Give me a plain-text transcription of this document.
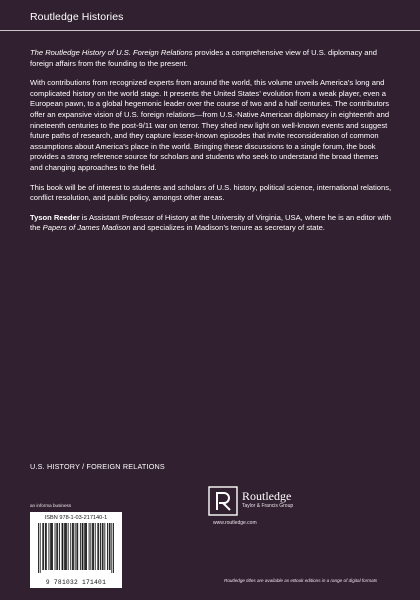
Routledge Histories

The Routledge History of U.S. Foreign Relations provides a comprehensive view of U.S. diplomacy and foreign affairs from the founding to the present.

With contributions from recognized experts from around the world, this volume unveils America’s long and complicated history on the world stage. It presents the United States’ evolution from a weak player, even a European pawn, to a global hegemonic leader over the course of two and a half centuries. The contributors offer an expansive vision of U.S. foreign relations—from U.S.-Native American diplomacy in eighteenth and nineteenth centuries to the post-9/11 war on terror. They shed new light on well-known events and suggest future paths of research, and they capture lesser-known episodes that invite reconsideration of common assumptions about America’s place in the world. Bringing these discussions to a single forum, the book provides a strong reference source for scholars and students who seek to understand the broad themes and changing approaches to the field.

This book will be of interest to students and scholars of U.S. history, political science, international relations, conflict resolution, and public policy, amongst other areas.

Tyson Reeder is Assistant Professor of History at the University of Virginia, USA, where he is an editor with the Papers of James Madison and specializes in Madison’s tenure as secretary of state.

U.S. HISTORY / FOREIGN RELATIONS
an informa business
ISBN 978-1-03-217140-1
9 781032 171401
Routledge
Taylor & Francis Group
www.routledge.com
Routledge titles are available as eBook editions in a range of digital formats
